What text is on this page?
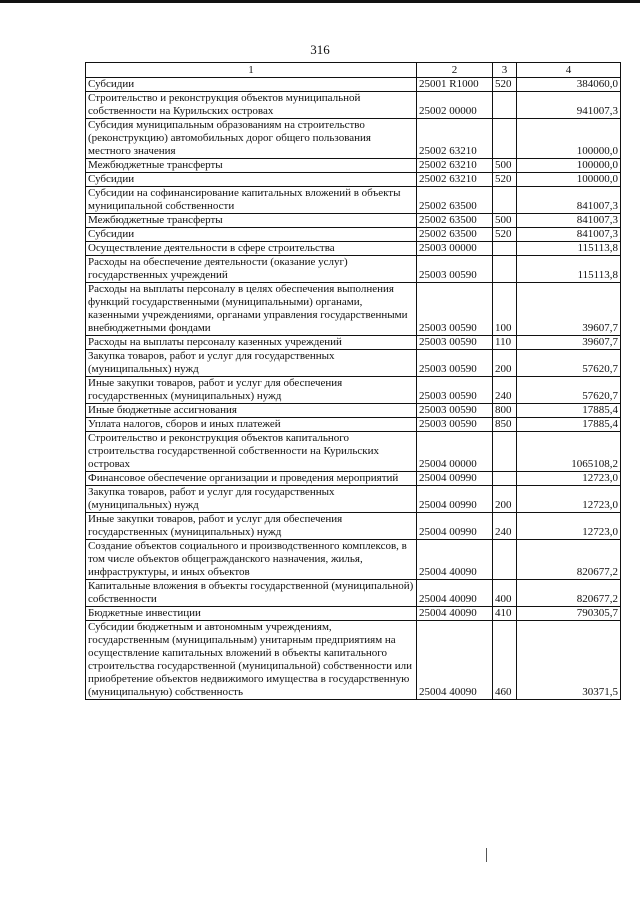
316
1	2	3	4
Субсидии	25001 R1000	520	384060,0
Строительство и реконструкция объектов муниципальной собственности на Курильских островах	25002 00000		941007,3
Субсидия муниципальным образованиям на строительство (реконструкцию) автомобильных дорог общего пользования местного значения	25002 63210		100000,0
Межбюджетные трансферты	25002 63210	500	100000,0
Субсидии	25002 63210	520	100000,0
Субсидии на софинансирование капитальных вложений в объекты муниципальной собственности	25002 63500		841007,3
Межбюджетные трансферты	25002 63500	500	841007,3
Субсидии	25002 63500	520	841007,3
Осуществление деятельности в сфере строительства	25003 00000		115113,8
Расходы на обеспечение деятельности (оказание услуг) государственных учреждений	25003 00590		115113,8
Расходы на выплаты персоналу в целях обеспечения выполнения функций государственными (муниципальными) органами, казенными учреждениями, органами управления государственными внебюджетными фондами	25003 00590	100	39607,7
Расходы на выплаты персоналу казенных учреждений	25003 00590	110	39607,7
Закупка товаров, работ и услуг для государственных (муниципальных) нужд	25003 00590	200	57620,7
Иные закупки товаров, работ и услуг для обеспечения государственных (муниципальных) нужд	25003 00590	240	57620,7
Иные бюджетные ассигнования	25003 00590	800	17885,4
Уплата налогов, сборов и иных платежей	25003 00590	850	17885,4
Строительство и реконструкция объектов капитального строительства государственной собственности на Курильских островах	25004 00000		1065108,2
Финансовое обеспечение организации и проведения мероприятий	25004 00990		12723,0
Закупка товаров, работ и услуг для государственных (муниципальных) нужд	25004 00990	200	12723,0
Иные закупки товаров, работ и услуг для обеспечения государственных (муниципальных) нужд	25004 00990	240	12723,0
Создание объектов социального и производственного комплексов, в том числе объектов общегражданского назначения, жилья, инфраструктуры, и иных объектов	25004 40090		820677,2
Капитальные вложения в объекты государственной (муниципальной) собственности	25004 40090	400	820677,2
Бюджетные инвестиции	25004 40090	410	790305,7
Субсидии бюджетным и автономным учреждениям, государственным (муниципальным) унитарным предприятиям на осуществление капитальных вложений в объекты капитального строительства государственной (муниципальной) собственности или приобретение объектов недвижимого имущества в государственную (муниципальную) собственность	25004 40090	460	30371,5
